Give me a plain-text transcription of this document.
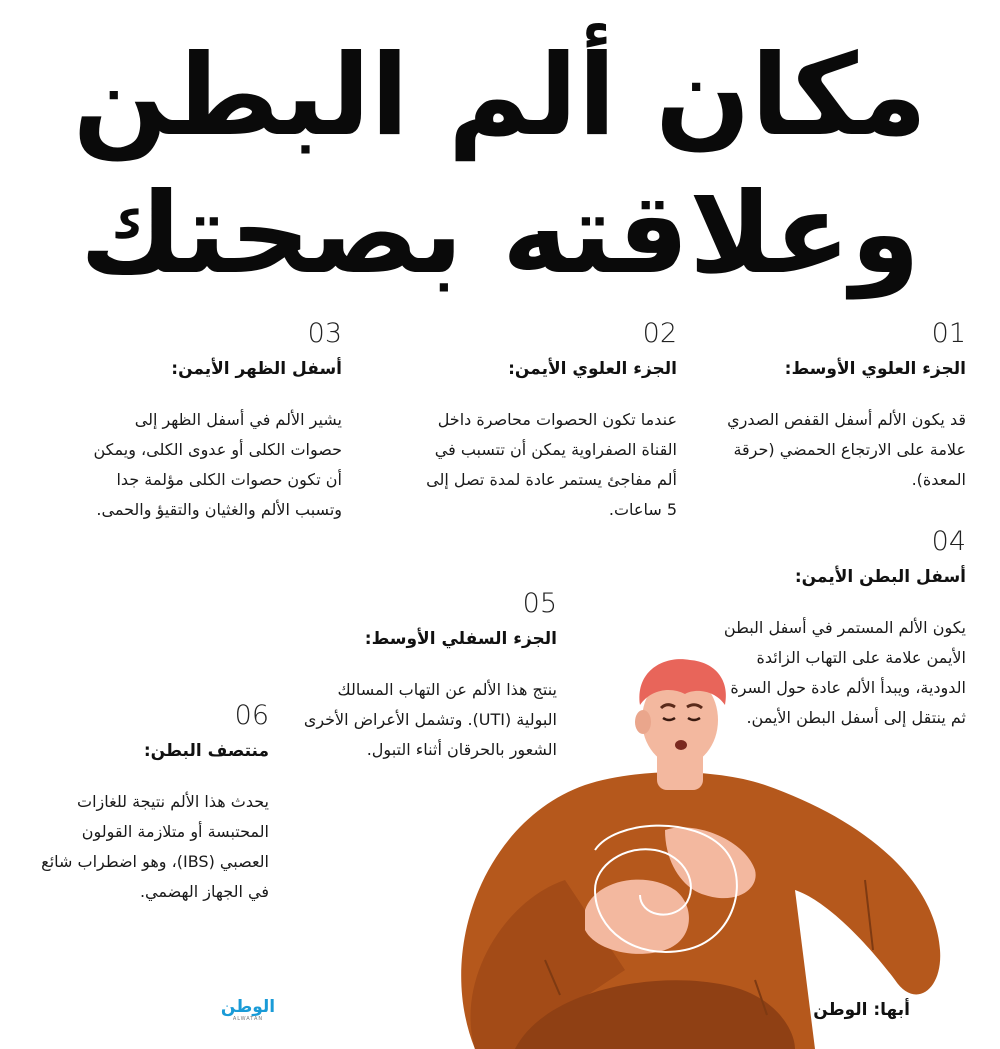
مكان ألم البطن
وعلاقته بصحتك
01
الجزء العلوي الأوسط:

قد يكون الألم أسفل القفص الصدري علامة على الارتجاع الحمضي (حرقة المعدة).

02
الجزء العلوي الأيمن:

عندما تكون الحصوات محاصرة داخل القناة الصفراوية يمكن أن تتسبب في ألم مفاجئ يستمر عادة لمدة تصل إلى 5 ساعات.

03
أسفل الظهر الأيمن:

يشير الألم في أسفل الظهر إلى حصوات الكلى أو عدوى الكلى، ويمكن أن تكون حصوات الكلى مؤلمة جدا وتسبب الألم والغثيان والتقيؤ والحمى.

04
أسفل البطن الأيمن:

يكون الألم المستمر في أسفل البطن الأيمن علامة على التهاب الزائدة الدودية، ويبدأ الألم عادة حول السرة ثم ينتقل إلى أسفل البطن الأيمن.

05
الجزء السفلي الأوسط:

ينتج هذا الألم عن التهاب المسالك البولية (UTI). وتشمل الأعراض الأخرى الشعور بالحرقان أثناء التبول.

06
منتصف البطن:

يحدث هذا الألم نتيجة للغازات المحتبسة أو متلازمة القولون العصبي (IBS)، وهو اضطراب شائع في الجهاز الهضمي.

أبها: الوطن
الوطن
ALWATAN
